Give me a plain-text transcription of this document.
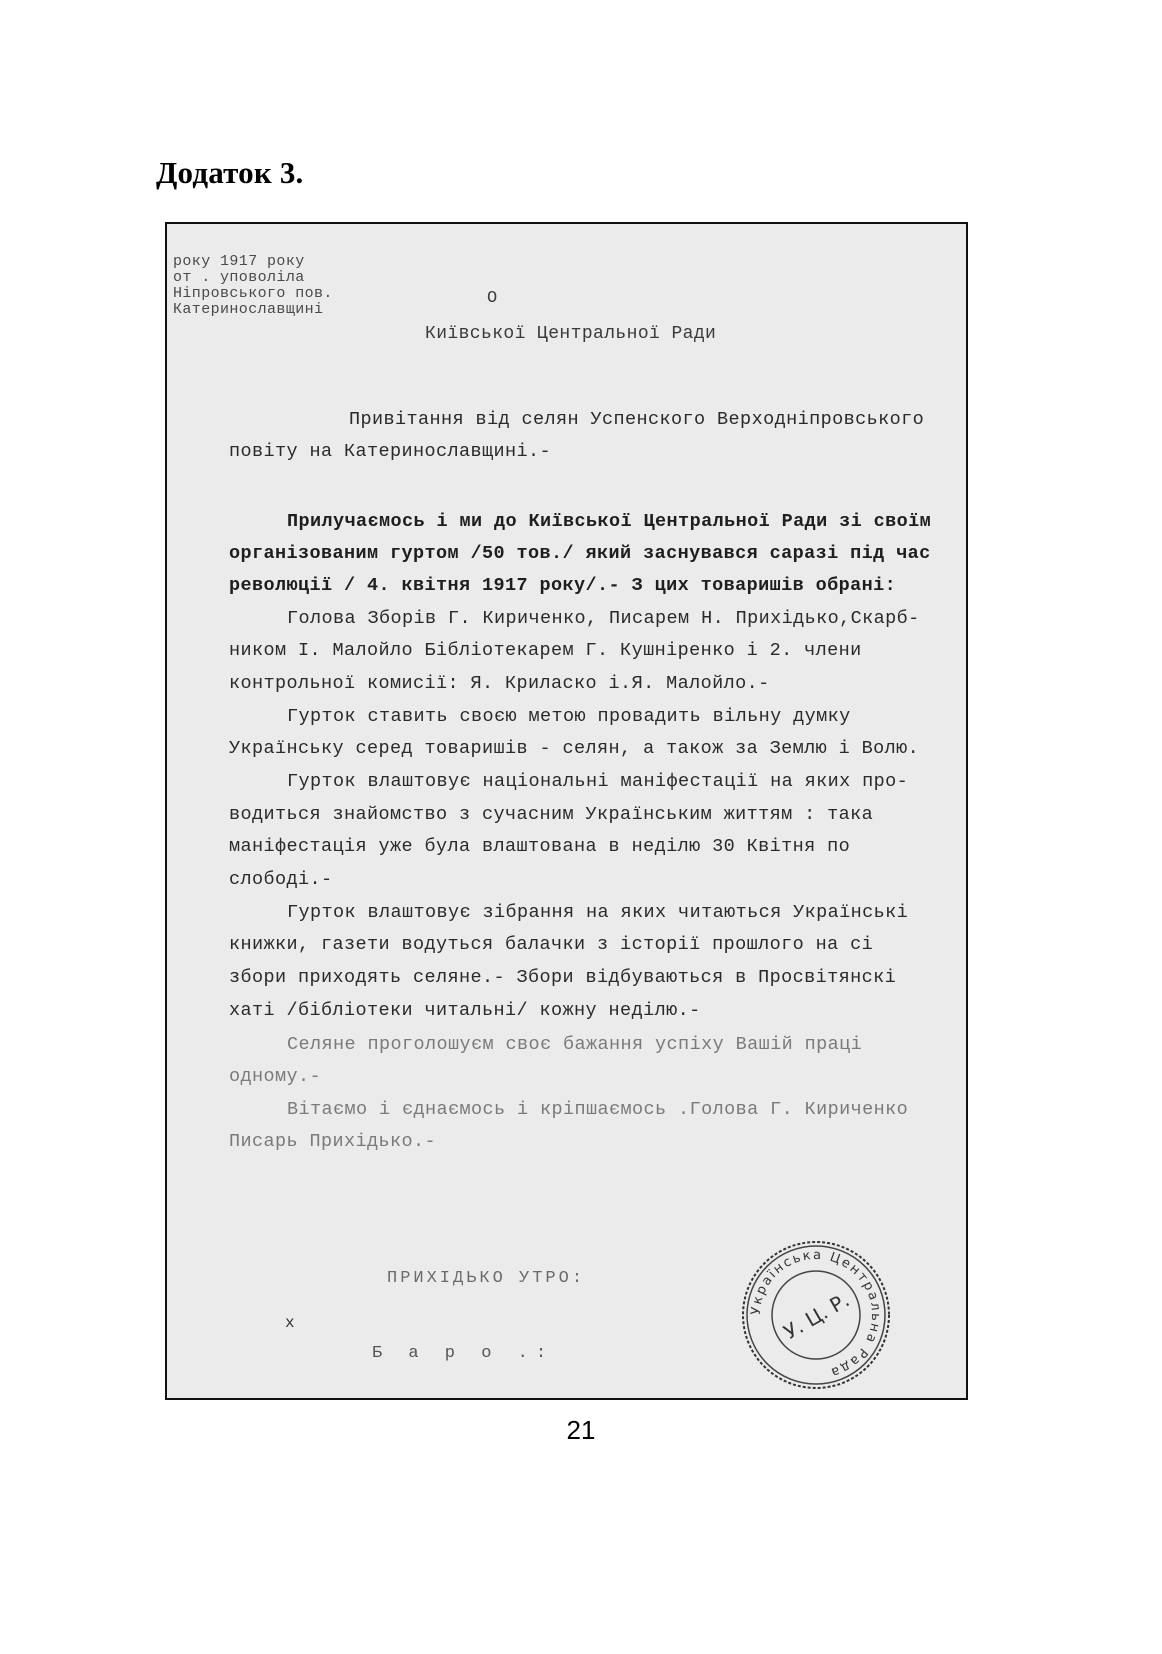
Додаток 3.
року 1917 року
от . уповоліла
Ніпровського пов.
Катеринославщині
О
Київської Центральної Ради
Привітання від селян Успенского Верходніпровського
повіту на Катеринославщині.-
Прилучаємось і ми до Київської Центральної Ради зі своїм
організованим гуртом /50 тов./ який заснувався саразі під час
революції / 4. квітня 1917 року/.- З цих товаришів обрані:
Голова Зборів Г. Кириченко, Писарем Н. Прихідько,Скарб-
ником І. Малойло Бібліотекарем Г. Кушніренко і 2. члени
контрольної комисії: Я. Криласко і.Я. Малойло.-
Гурток ставить своєю метою провадить вільну думку
Українську серед товаришів - селян, а також за Землю і Волю.
Гурток влаштовує національні маніфестації на яких про-
водиться знайомство з сучасним Українським життям : така
маніфестація уже була влаштована в неділю 30 Квітня по
слободі.-
Гурток влаштовує зібрання на яких читаються Українські
книжки, газети водуться балачки з історії прошлого на сі
збори приходять селяне.- Збори відбуваються в Просвітянскі
хаті /бібліотеки читальні/ кожну неділю.-
Селяне проголошуєм своє бажання успіху Вашій праці
одному.-
Вітаємо і єднаємось і кріпшаємось .Голова Г. Кириченко
Писарь Прихідько.-
ПРИХІДЬКО УТРО:
x
Б а р о .:
Українська Центральна Рада
У. Ц. Р.
21
